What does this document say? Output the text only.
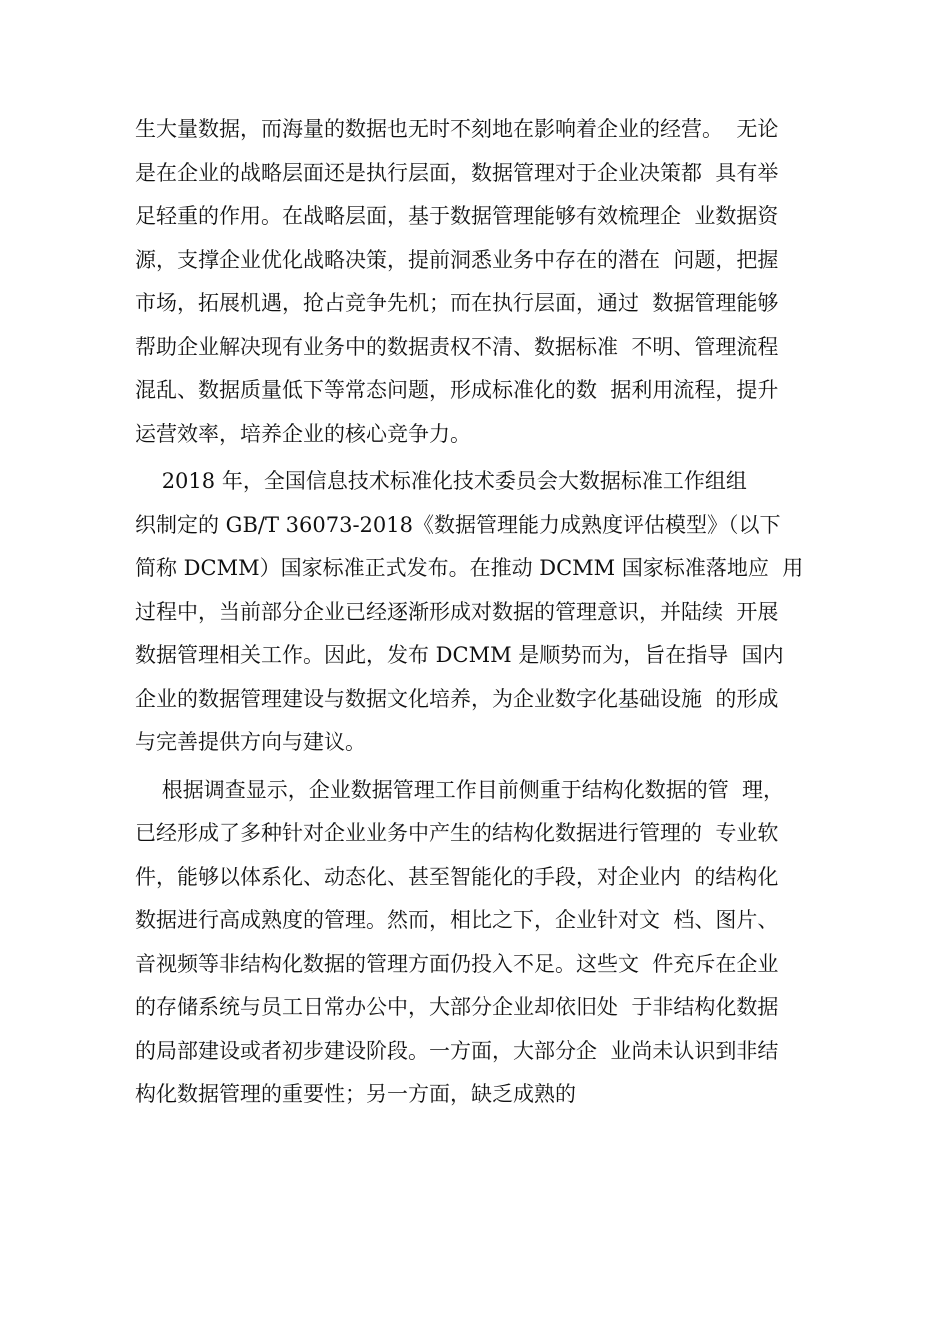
生大量数据，而海量的数据也无时不刻地在影响着企业的经营。  无论
是在企业的战略层面还是执行层面，数据管理对于企业决策都  具有举
足轻重的作用。在战略层面，基于数据管理能够有效梳理企  业数据资
源，支撑企业优化战略决策，提前洞悉业务中存在的潜在  问题，把握
市场，拓展机遇，抢占竞争先机；而在执行层面，通过  数据管理能够
帮助企业解决现有业务中的数据责权不清、数据标准  不明、管理流程
混乱、数据质量低下等常态问题，形成标准化的数  据利用流程，提升
运营效率，培养企业的核心竞争力。
2018 年，全国信息技术标准化技术委员会大数据标准工作组组
织制定的 GB/T 36073-2018《数据管理能力成熟度评估模型》（以下
简称 DCMM）国家标准正式发布。在推动 DCMM 国家标准落地应  用
过程中，当前部分企业已经逐渐形成对数据的管理意识，并陆续  开展
数据管理相关工作。因此，发布 DCMM 是顺势而为，旨在指导  国内
企业的数据管理建设与数据文化培养，为企业数字化基础设施  的形成
与完善提供方向与建议。
根据调查显示，企业数据管理工作目前侧重于结构化数据的管  理，
已经形成了多种针对企业业务中产生的结构化数据进行管理的  专业软
件，能够以体系化、动态化、甚至智能化的手段，对企业内  的结构化
数据进行高成熟度的管理。然而，相比之下，企业针对文  档、图片、
音视频等非结构化数据的管理方面仍投入不足。这些文  件充斥在企业
的存储系统与员工日常办公中，大部分企业却依旧处  于非结构化数据
的局部建设或者初步建设阶段。一方面，大部分企  业尚未认识到非结
构化数据管理的重要性；另一方面，缺乏成熟的
